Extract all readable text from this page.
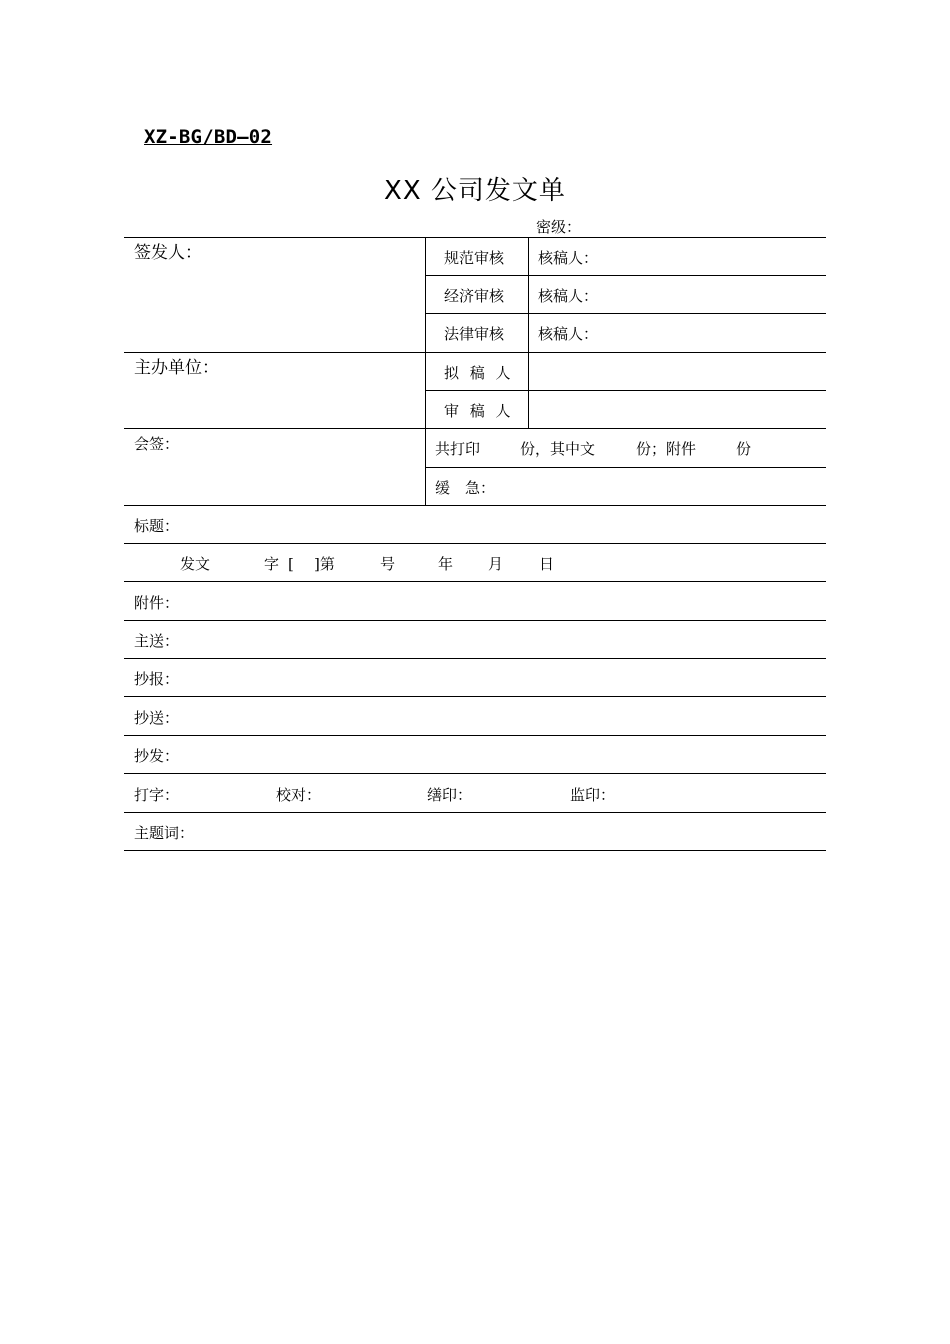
XZ-BG/BD—02
XX 公司发文单
密级：
签发人：	规范审核 核稿人：
经济审核 核稿人：
法律审核 核稿人：
主办单位：	拟 稿 人
审 稿 人
会签：	共打印	份，其中文	份；附件	份
缓　急：
标题：
发文	字 [ ]第	号	年 月 日
附件：
主送：
抄报：
抄送：
抄发：
打字：	校对：	缮印：	监印：
主题词：
